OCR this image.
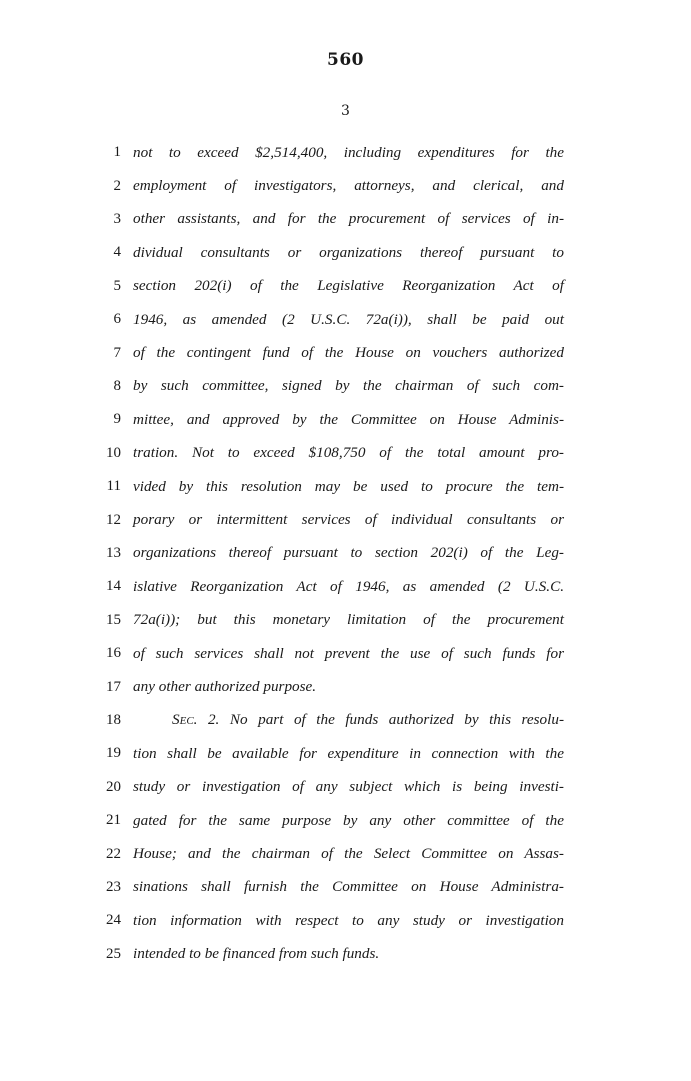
560
3
1 not to exceed $2,514,400, including expenditures for the
2 employment of investigators, attorneys, and clerical, and
3 other assistants, and for the procurement of services of in-
4 dividual consultants or organizations thereof pursuant to
5 section 202(i) of the Legislative Reorganization Act of
6 1946, as amended (2 U.S.C. 72a(i)), shall be paid out
7 of the contingent fund of the House on vouchers authorized
8 by such committee, signed by the chairman of such com-
9 mittee, and approved by the Committee on House Adminis-
10 tration. Not to exceed $108,750 of the total amount pro-
11 vided by this resolution may be used to procure the tem-
12 porary or intermittent services of individual consultants or
13 organizations thereof pursuant to section 202(i) of the Leg-
14 islative Reorganization Act of 1946, as amended (2 U.S.C.
15 72a(i)); but this monetary limitation of the procurement
16 of such services shall not prevent the use of such funds for
17 any other authorized purpose.
18	Sec. 2. No part of the funds authorized by this resolu-
19 tion shall be available for expenditure in connection with the
20 study or investigation of any subject which is being investi-
21 gated for the same purpose by any other committee of the
22 House; and the chairman of the Select Committee on Assas-
23 sinations shall furnish the Committee on House Administra-
24 tion information with respect to any study or investigation
25 intended to be financed from such funds.
